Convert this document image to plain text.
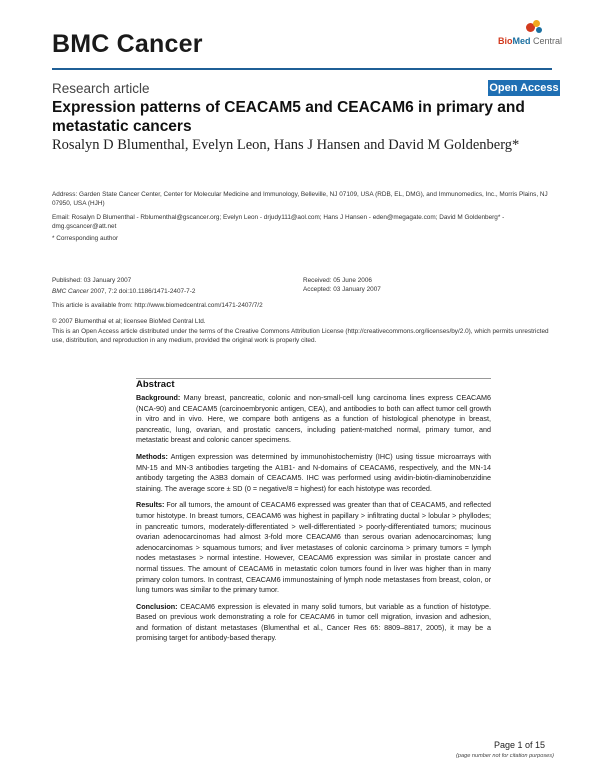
BMC Cancer	BioMed Central
Research article	Open Access
Expression patterns of CEACAM5 and CEACAM6 in primary and metastatic cancers
Rosalyn D Blumenthal, Evelyn Leon, Hans J Hansen and David M Goldenberg*
Address: Garden State Cancer Center, Center for Molecular Medicine and Immunology, Belleville, NJ 07109, USA (RDB, EL, DMG), and Immunomedics, Inc., Morris Plains, NJ 07950, USA (HJH)
Email: Rosalyn D Blumenthal - Rblumenthal@gscancer.org; Evelyn Leon - drjudy111@aol.com; Hans J Hansen - eden@megagate.com; David M Goldenberg* - dmg.gscancer@att.net
* Corresponding author
Published: 03 January 2007
BMC Cancer 2007, 7:2 doi:10.1186/1471-2407-7-2
Received: 05 June 2006
Accepted: 03 January 2007
This article is available from: http://www.biomedcentral.com/1471-2407/7/2
© 2007 Blumenthal et al; licensee BioMed Central Ltd.
This is an Open Access article distributed under the terms of the Creative Commons Attribution License (http://creativecommons.org/licenses/by/2.0), which permits unrestricted use, distribution, and reproduction in any medium, provided the original work is properly cited.
Abstract

Background: Many breast, pancreatic, colonic and non-small-cell lung carcinoma lines express CEACAM6 (NCA-90) and CEACAM5 (carcinoembryonic antigen, CEA), and antibodies to both can affect tumor cell growth in vitro and in vivo. Here, we compare both antigens as a function of histological phenotype in breast, pancreatic, lung, ovarian, and prostatic cancers, including patient-matched normal, primary tumor, and metastatic breast and colonic cancer specimens.

Methods: Antigen expression was determined by immunohistochemistry (IHC) using tissue microarrays with MN-15 and MN-3 antibodies targeting the A1B1- and N-domains of CEACAM6, respectively, and the MN-14 antibody targeting the A3B3 domain of CEACAM5. IHC was performed using avidin-biotin-diaminobenzidine staining. The average score ± SD (0 = negative/8 = highest) for each histotype was recorded.

Results: For all tumors, the amount of CEACAM6 expressed was greater than that of CEACAM5, and reflected tumor histotype. In breast tumors, CEACAM6 was highest in papillary > infiltrating ductal > lobular > phyllodes; in pancreatic tumors, moderately-differentiated > well-differentiated > poorly-differentiated tumors; mucinous ovarian adenocarcinomas had almost 3-fold more CEACAM6 than serous ovarian adenocarcinomas; lung adenocarcinomas > squamous tumors; and liver metastases of colonic carcinoma > primary tumors = lymph nodes metastases > normal intestine. However, CEACAM6 expression was similar in prostate cancer and normal tissues. The amount of CEACAM6 in metastatic colon tumors found in liver was higher than in many primary colon tumors. In contrast, CEACAM6 immunostaining of lymph node metastases from breast, colon, or lung tumors was similar to the primary tumor.

Conclusion: CEACAM6 expression is elevated in many solid tumors, but variable as a function of histotype. Based on previous work demonstrating a role for CEACAM6 in tumor cell migration, invasion and adhesion, and formation of distant metastases (Blumenthal et al., Cancer Res 65: 8809–8817, 2005), it may be a promising target for antibody-based therapy.

Page 1 of 15
(page number not for citation purposes)
